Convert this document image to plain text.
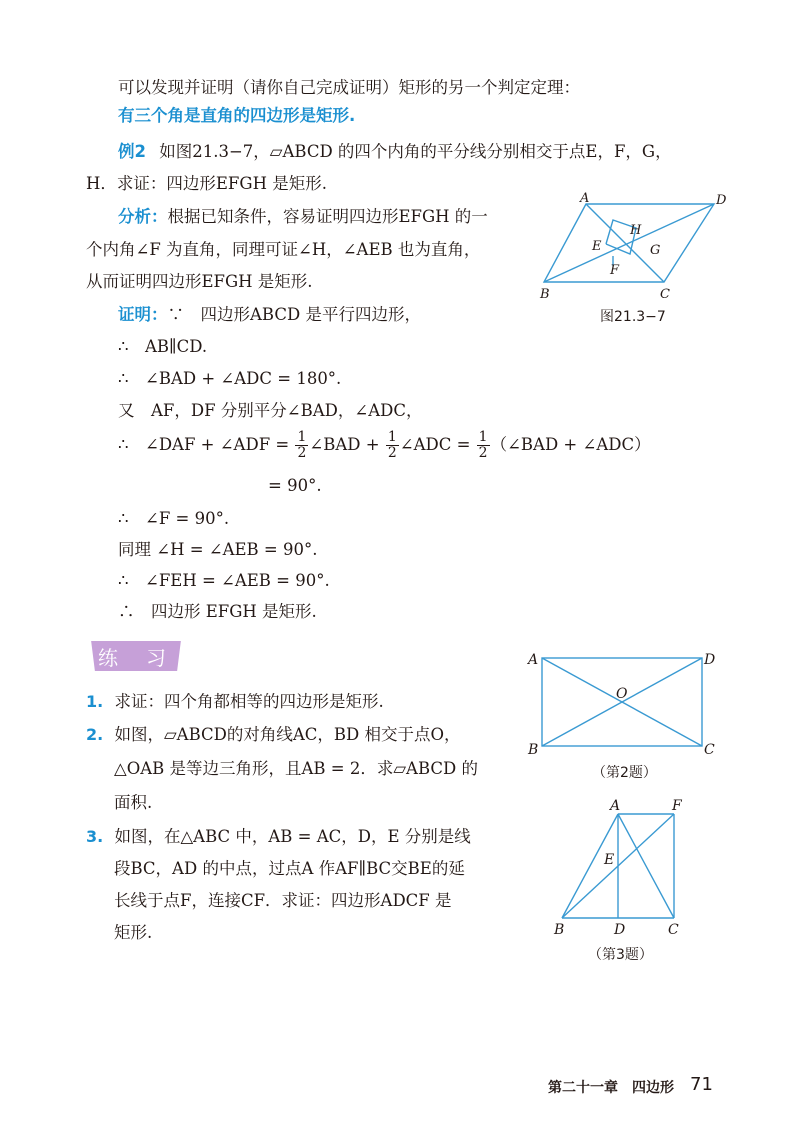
可以发现并证明（请你自己完成证明）矩形的另一个判定定理：
有三个角是直角的四边形是矩形.
例2 如图21.3−7，▱ABCD 的四个内角的平分线分别相交于点E，F，G，
H．求证：四边形EFGH 是矩形.
分析：根据已知条件，容易证明四边形EFGH 的一
个内角∠F 为直角，同理可证∠H，∠AEB 也为直角，
从而证明四边形EFGH 是矩形.
证明：∵　四边形ABCD 是平行四边形，
∴　AB∥CD.
∴　∠BAD + ∠ADC = 180°.
又　AF，DF 分别平分∠BAD，∠ADC，
∴　∠DAF + ∠ADF = $\frac{1}{2}$ ∠BAD + $\frac{1}{2}$ ∠ADC = $\frac{1}{2}$ （∠BAD + ∠ADC）
= 90°.
∴　∠F = 90°.
同理 ∠H = ∠AEB = 90°.
∴　∠FEH = ∠AEB = 90°.
∴　四边形 EFGH 是矩形.
A	D
B	C
E
F
G
H
图21.3−7
练　习
1. 求证：四个角都相等的四边形是矩形.
2. 如图，▱ABCD的对角线AC，BD 相交于点O，
△OAB 是等边三角形，且AB = 2．求▱ABCD 的
面积.
3. 如图，在△ABC 中，AB = AC，D，E 分别是线
段BC，AD 的中点，过点A 作AF∥BC交BE的延
长线于点F，连接CF．求证：四边形ADCF 是
矩形.
A	D
B	C
O
（第2题）
A	F
E
B	D	C
（第3题）
第二十一章　四边形 71
